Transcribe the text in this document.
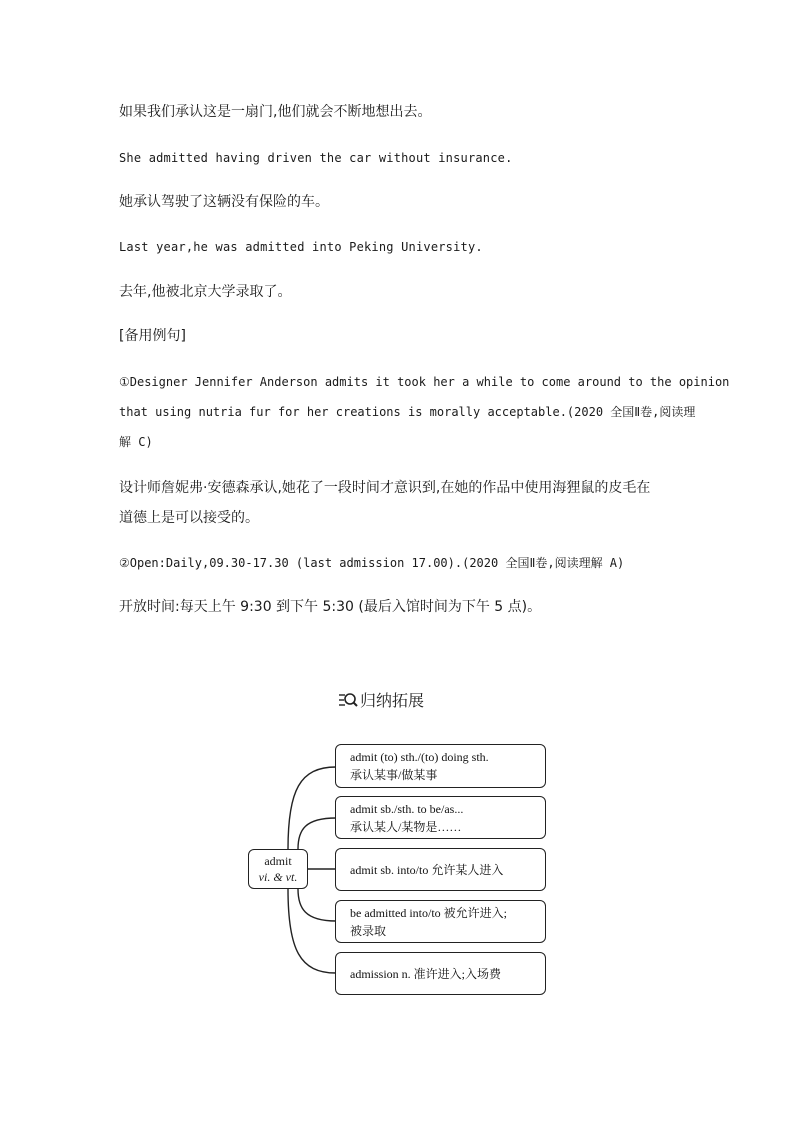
如果我们承认这是一扇门,他们就会不断地想出去。
She admitted having driven the car without insurance.
她承认驾驶了这辆没有保险的车。
Last year,he was admitted into Peking University.
去年,他被北京大学录取了。
[备用例句]
①Designer Jennifer Anderson admits it took her a while to come around to the opinion
that using nutria fur for her creations is morally acceptable.(2020 全国Ⅱ卷,阅读理
解 C)
设计师詹妮弗·安德森承认,她花了一段时间才意识到,在她的作品中使用海狸鼠的皮毛在
道德上是可以接受的。
②Open:Daily,09.30-17.30 (last admission 17.00).(2020 全国Ⅱ卷,阅读理解 A)
开放时间:每天上午 9:30 到下午 5:30 (最后入馆时间为下午 5 点)。
归纳拓展
admit
vi. & vt.
admit (to) sth./(to) doing sth.
承认某事/做某事
admit sb./sth. to be/as...
承认某人/某物是……
admit sb. into/to 允许某人进入
be admitted into/to 被允许进入;
被录取
admission n. 准许进入;入场费
